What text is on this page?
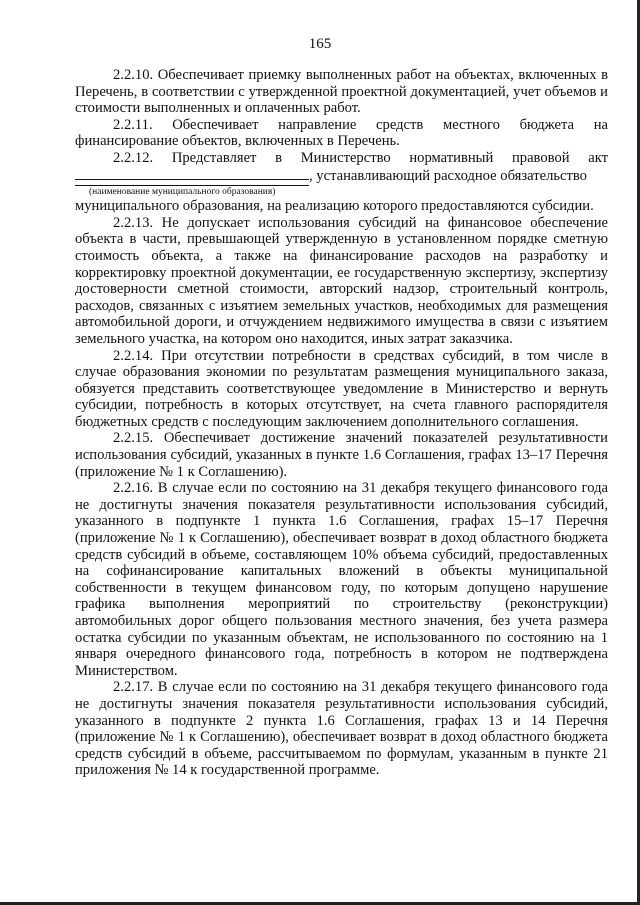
165

2.2.10. Обеспечивает приемку выполненных работ на объектах, включенных в Перечень, в соответствии с утвержденной проектной документацией, учет объемов и стоимости выполненных и оплаченных работ.

2.2.11. Обеспечивает направление средств местного бюджета на финансирование объектов, включенных в Перечень.

2.2.12. Представляет в Министерство нормативный правовой акт

, устанавливающий расходное обязательство

(наименование муниципального образования)

муниципального образования, на реализацию которого предоставляются субсидии.

2.2.13. Не допускает использования субсидий на финансовое обеспечение объекта в части, превышающей утвержденную в установленном порядке сметную стоимость объекта, а также на финансирование расходов на разработку и корректировку проектной документации, ее государственную экспертизу, экспертизу достоверности сметной стоимости, авторский надзор, строительный контроль, расходов, связанных с изъятием земельных участков, необходимых для размещения автомобильной дороги, и отчуждением недвижимого имущества в связи с изъятием земельного участка, на котором оно находится, иных затрат заказчика.

2.2.14. При отсутствии потребности в средствах субсидий, в том числе в случае образования экономии по результатам размещения муниципального заказа, обязуется представить соответствующее уведомление в Министерство и вернуть субсидии, потребность в которых отсутствует, на счета главного распорядителя бюджетных средств с последующим заключением дополнительного соглашения.

2.2.15. Обеспечивает достижение значений показателей результативности использования субсидий, указанных в пункте 1.6 Соглашения, графах 13–17 Перечня (приложение № 1 к Соглашению).

2.2.16. В случае если по состоянию на 31 декабря текущего финансового года не достигнуты значения показателя результативности использования субсидий, указанного в подпункте 1 пункта 1.6 Соглашения, графах 15–17 Перечня (приложение № 1 к Соглашению), обеспечивает возврат в доход областного бюджета средств субсидий в объеме, составляющем 10% объема субсидий, предоставленных на софинансирование капитальных вложений в объекты муниципальной собственности в текущем финансовом году, по которым допущено нарушение графика выполнения мероприятий по строительству (реконструкции) автомобильных дорог общего пользования местного значения, без учета размера остатка субсидии по указанным объектам, не использованного по состоянию на 1 января очередного финансового года, потребность в котором не подтверждена Министерством.

2.2.17. В случае если по состоянию на 31 декабря текущего финансового года не достигнуты значения показателя результативности использования субсидий, указанного в подпункте 2 пункта 1.6 Соглашения, графах 13 и 14 Перечня (приложение № 1 к Соглашению), обеспечивает возврат в доход областного бюджета средств субсидий в объеме, рассчитываемом по формулам, указанным в пункте 21 приложения № 14 к государственной программе.
